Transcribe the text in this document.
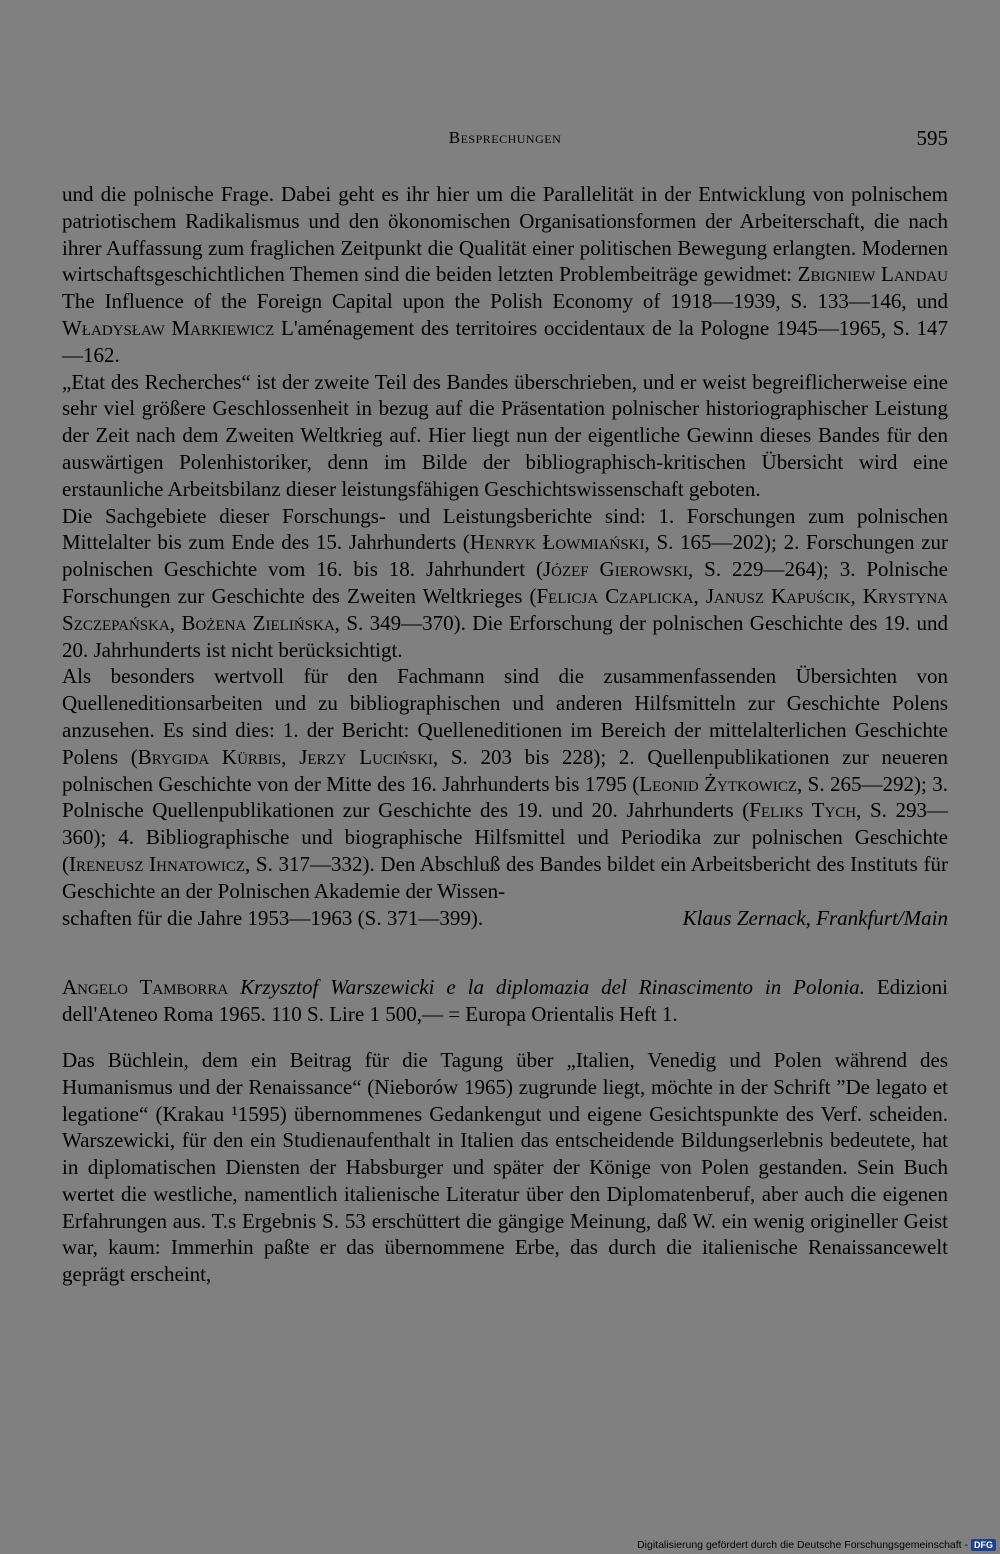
Besprechungen	595

und die polnische Frage. Dabei geht es ihr hier um die Parallelität in der Entwicklung von polnischem patriotischem Radikalismus und den ökonomischen Organisationsformen der Arbeiterschaft, die nach ihrer Auffassung zum fraglichen Zeitpunkt die Qualität einer politischen Bewegung erlangten. Modernen wirtschaftsgeschichtlichen Themen sind die beiden letzten Problembeiträge gewidmet: Zbigniew Landau The Influence of the Foreign Capital upon the Polish Economy of 1918—1939, S. 133—146, und Władysław Markiewicz L'aménagement des territoires occidentaux de la Pologne 1945—1965, S. 147—162.

„Etat des Recherches“ ist der zweite Teil des Bandes überschrieben, und er weist begreiflicherweise eine sehr viel größere Geschlossenheit in bezug auf die Präsentation polnischer historiographischer Leistung der Zeit nach dem Zweiten Weltkrieg auf. Hier liegt nun der eigentliche Gewinn dieses Bandes für den auswärtigen Polenhistoriker, denn im Bilde der bibliographisch-kritischen Übersicht wird eine erstaunliche Arbeitsbilanz dieser leistungsfähigen Geschichtswissenschaft geboten.

Die Sachgebiete dieser Forschungs- und Leistungsberichte sind: 1. Forschungen zum polnischen Mittelalter bis zum Ende des 15. Jahrhunderts (Henryk Łowmiański, S. 165—202); 2. Forschungen zur polnischen Geschichte vom 16. bis 18. Jahrhundert (Józef Gierowski, S. 229—264); 3. Polnische Forschungen zur Geschichte des Zweiten Weltkrieges (Felicja Czaplicka, Janusz Kapuścik, Krystyna Szczepańska, Bożena Zielińska, S. 349—370). Die Erforschung der polnischen Geschichte des 19. und 20. Jahrhunderts ist nicht berücksichtigt.

Als besonders wertvoll für den Fachmann sind die zusammenfassenden Übersichten von Quelleneditionsarbeiten und zu bibliographischen und anderen Hilfsmitteln zur Geschichte Polens anzusehen. Es sind dies: 1. der Bericht: Quelleneditionen im Bereich der mittelalterlichen Geschichte Polens (Brygida Kürbis, Jerzy Luciński, S. 203 bis 228); 2. Quellenpublikationen zur neueren polnischen Geschichte von der Mitte des 16. Jahrhunderts bis 1795 (Leonid Żytkowicz, S. 265—292); 3. Polnische Quellenpublikationen zur Geschichte des 19. und 20. Jahrhunderts (Feliks Tych, S. 293—360); 4. Bibliographische und biographische Hilfsmittel und Periodika zur polnischen Geschichte (Ireneusz Ihnatowicz, S. 317—332). Den Abschluß des Bandes bildet ein Arbeitsbericht des Instituts für Geschichte an der Polnischen Akademie der Wissen-

schaften für die Jahre 1953—1963 (S. 371—399).	Klaus Zernack, Frankfurt/Main

Angelo Tamborra Krzysztof Warszewicki e la diplomazia del Rinascimento in Polonia. Edizioni dell'Ateneo Roma 1965. 110 S. Lire 1 500,— = Europa Orientalis Heft 1.

Das Büchlein, dem ein Beitrag für die Tagung über „Italien, Venedig und Polen während des Humanismus und der Renaissance“ (Nieborów 1965) zugrunde liegt, möchte in der Schrift ”De legato et legatione“ (Krakau ¹1595) übernommenes Gedankengut und eigene Gesichtspunkte des Verf. scheiden. Warszewicki, für den ein Studienaufenthalt in Italien das entscheidende Bildungserlebnis bedeutete, hat in diplomatischen Diensten der Habsburger und später der Könige von Polen gestanden. Sein Buch wertet die westliche, namentlich italienische Literatur über den Diplomatenberuf, aber auch die eigenen Erfahrungen aus. T.s Ergebnis S. 53 erschüttert die gängige Meinung, daß W. ein wenig origineller Geist war, kaum: Immerhin paßte er das übernommene Erbe, das durch die italienische Renaissancewelt geprägt erscheint,

Digitalisierung gefördert durch die Deutsche Forschungsgemeinschaft - DFG
